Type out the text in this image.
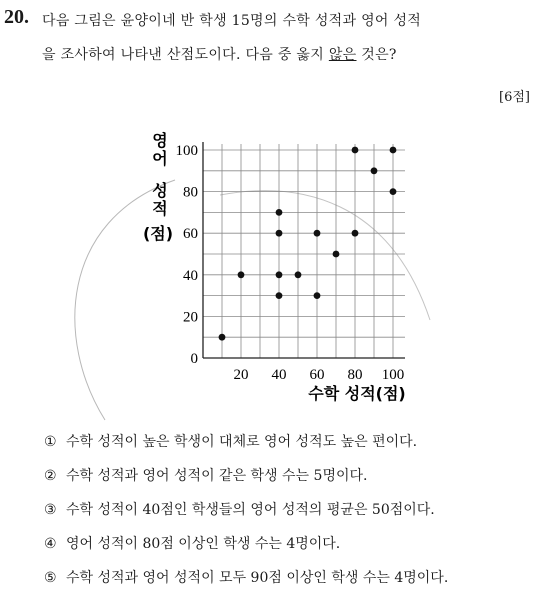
20. 다음 그림은 윤양이네 반 학생 15명의 수학 성적과 영어 성적
을 조사하여 나타낸 산점도이다. 다음 중 옳지 않은 것은?
[6점]
20 40 60 80 100
0
20
40
60
80
100
수학 성적(점)
영
어
성
적
(점)
① 수학 성적이 높은 학생이 대체로 영어 성적도 높은 편이다.
② 수학 성적과 영어 성적이 같은 학생 수는 5명이다.
③ 수학 성적이 40점인 학생들의 영어 성적의 평균은 50점이다.
④ 영어 성적이 80점 이상인 학생 수는 4명이다.
⑤ 수학 성적과 영어 성적이 모두 90점 이상인 학생 수는 4명이다.
